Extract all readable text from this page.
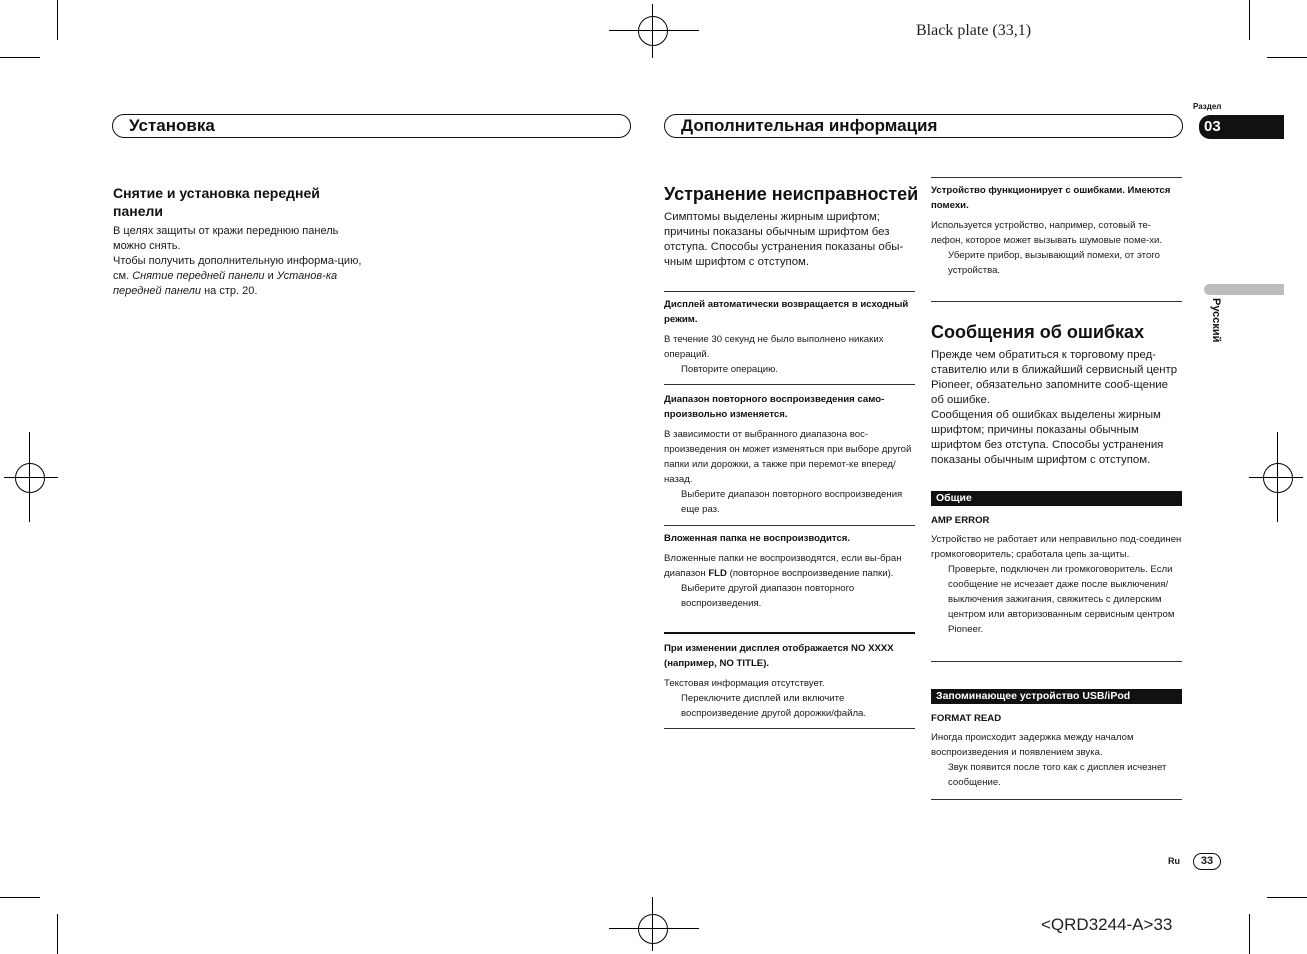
Black plate (33,1)
Установка	Дополнительная информация
Раздел
03
Русский
Снятие и установка передней панели
В целях защиты от кражи переднюю панель можно снять.
Чтобы получить дополнительную информа-цию, см. Снятие передней панели и Установ-ка передней панели на стр. 20.
Устранение неисправностей
Симптомы выделены жирным шрифтом; причины показаны обычным шрифтом без отступа. Способы устранения показаны обы-чным шрифтом с отступом.
Дисплей автоматически возвращается в исходный режим.
В течение 30 секунд не было выполнено никаких операций.
Повторите операцию.
Диапазон повторного воспроизведения само-произвольно изменяется.
В зависимости от выбранного диапазона вос-произведения он может изменяться при выборе другой папки или дорожки, а также при перемот-ке вперед/назад.
Выберите диапазон повторного воспроизведения еще раз.
Вложенная папка не воспроизводится.
Вложенные папки не воспроизводятся, если вы-бран диапазон FLD (повторное воспроизведение папки).
Выберите другой диапазон повторного воспроизведения.
При изменении дисплея отображается NO XXXX (например, NO TITLE).
Текстовая информация отсутствует.
Переключите дисплей или включите воспроизведение другой дорожки/файла.
Устройство функционирует с ошибками. Имеются помехи.
Используется устройство, например, сотовый те-лефон, которое может вызывать шумовые поме-хи.
Уберите прибор, вызывающий помехи, от этого устройства.
Сообщения об ошибках
Прежде чем обратиться к торговому пред-ставителю или в ближайший сервисный центр Pioneer, обязательно запомните сооб-щение об ошибке.
Сообщения об ошибках выделены жирным шрифтом; причины показаны обычным шрифтом без отступа. Способы устранения показаны обычным шрифтом с отступом.
Общие
AMP ERROR
Устройство не работает или неправильно под-соединен громкоговоритель; сработала цепь за-щиты.
Проверьте, подключен ли громкоговоритель. Если сообщение не исчезает даже после выключения/выключения зажигания, свяжитесь с дилерским центром или авторизованным сервисным центром Pioneer.
Запоминающее устройство USB/iPod
FORMAT READ
Иногда происходит задержка между началом воспроизведения и появлением звука.
Звук появится после того как с дисплея исчезнет сообщение.
Ru	33
<QRD3244-A>33
